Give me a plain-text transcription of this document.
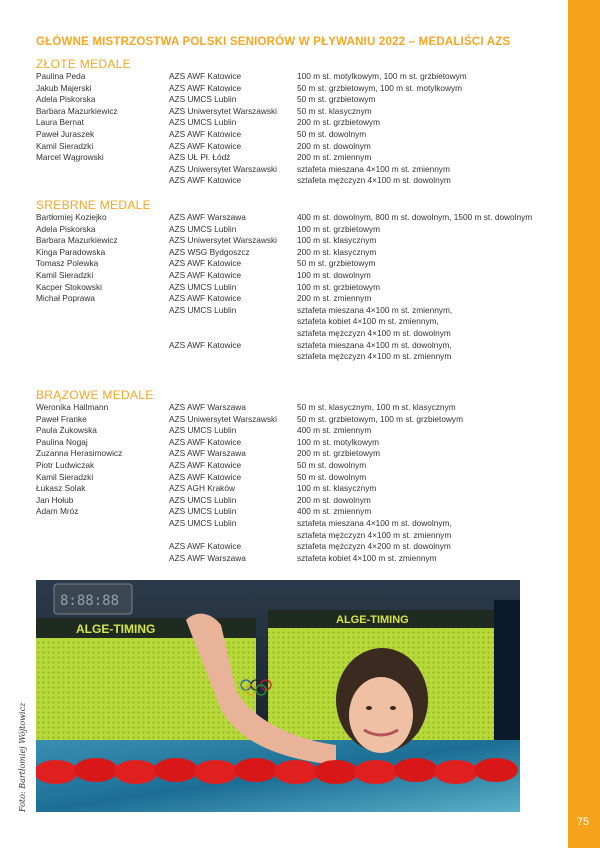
75
GŁÓWNE MISTRZOSTWA POLSKI SENIORÓW W PŁYWANIU 2022 – MEDALIŚCI AZS
ZŁOTE MEDALE
Paulina Peda	AZS AWF Katowice	100 m st. motylkowym, 100 m st. grzbietowym
Jakub Majerski	AZS AWF Katowice	50 m st. grzbietowym, 100 m st. motylkowym
Adela Piskorska	AZS UMCS Lublin	50 m st. grzbietowym
Barbara Mazurkiewicz	AZS Uniwersytet Warszawski	50 m st. klasycznym
Laura Bernat	AZS UMCS Lublin	200 m st. grzbietowym
Paweł Juraszek	AZS AWF Katowice	50 m st. dowolnym
Kamil Sieradzki	AZS AWF Katowice	200 m st. dowolnym
Marcel Wągrowski	AZS UŁ Pł. Łódź	200 m st. zmiennym
AZS Uniwersytet Warszawski	sztafeta mieszana 4×100 m st. zmiennym
AZS AWF Katowice	sztafeta mężczyzn 4×100 m st. dowolnym
SREBRNE MEDALE
Bartłomiej Koziejko	AZS AWF Warszawa	400 m st. dowolnym, 800 m st. dowolnym, 1500 m st. dowolnym
Adela Piskorska	AZS UMCS Lublin	100 m st. grzbietowym
Barbara Mazurkiewicz	AZS Uniwersytet Warszawski	100 m st. klasycznym
Kinga Paradowska	AZS WSG Bydgoszcz	200 m st. klasycznym
Tomasz Polewka	AZS AWF Katowice	50 m st. grzbietowym
Kamil Sieradzki	AZS AWF Katowice	100 m st. dowolnym
Kacper Stokowski	AZS UMCS Lublin	100 m st. grzbietowym
Michał Poprawa	AZS AWF Katowice	200 m st. zmiennym
AZS UMCS Lublin	sztafeta mieszana 4×100 m st. zmiennym,
sztafeta kobiet 4×100 m st. zmiennym,
sztafeta mężczyzn 4×100 m st. dowolnym
AZS AWF Katowice	sztafeta mieszana 4×100 m st. dowolnym,
sztafeta mężczyzn 4×100 m st. zmiennym
BRĄZOWE MEDALE
Weronika Hallmann	AZS AWF Warszawa	50 m st. klasycznym, 100 m st. klasycznym
Paweł Franke	AZS Uniwersytet Warszawski	50 m st. grzbietowym, 100 m st. grzbietowym
Paula Żukowska	AZS UMCS Lublin	400 m st. zmiennym
Paulina Nogaj	AZS AWF Katowice	100 m st. motylkowym
Zuzanna Herasimowicz	AZS AWF Warszawa	200 m st. grzbietowym
Piotr Ludwiczak	AZS AWF Katowice	50 m st. dowolnym
Kamil Sieradzki	AZS AWF Katowice	50 m st. dowolnym
Łukasz Solak	AZS AGH Kraków	100 m st. klasycznym
Jan Hołub	AZS UMCS Lublin	200 m st. dowolnym
Adam Mróz	AZS UMCS Lublin	400 m st. zmiennym
AZS UMCS Lublin	sztafeta mieszana 4×100 m st. dowolnym,
sztafeta mężczyzn 4×100 m st. zmiennym
AZS AWF Katowice	sztafeta mężczyzn 4×200 m st. dowolnym
AZS AWF Warszawa	sztafeta kobiet 4×100 m st. zmiennym
8:88:88
ALGE-TIMING
ALGE-TIMING
Foto: Bartłomiej Wójtowicz
